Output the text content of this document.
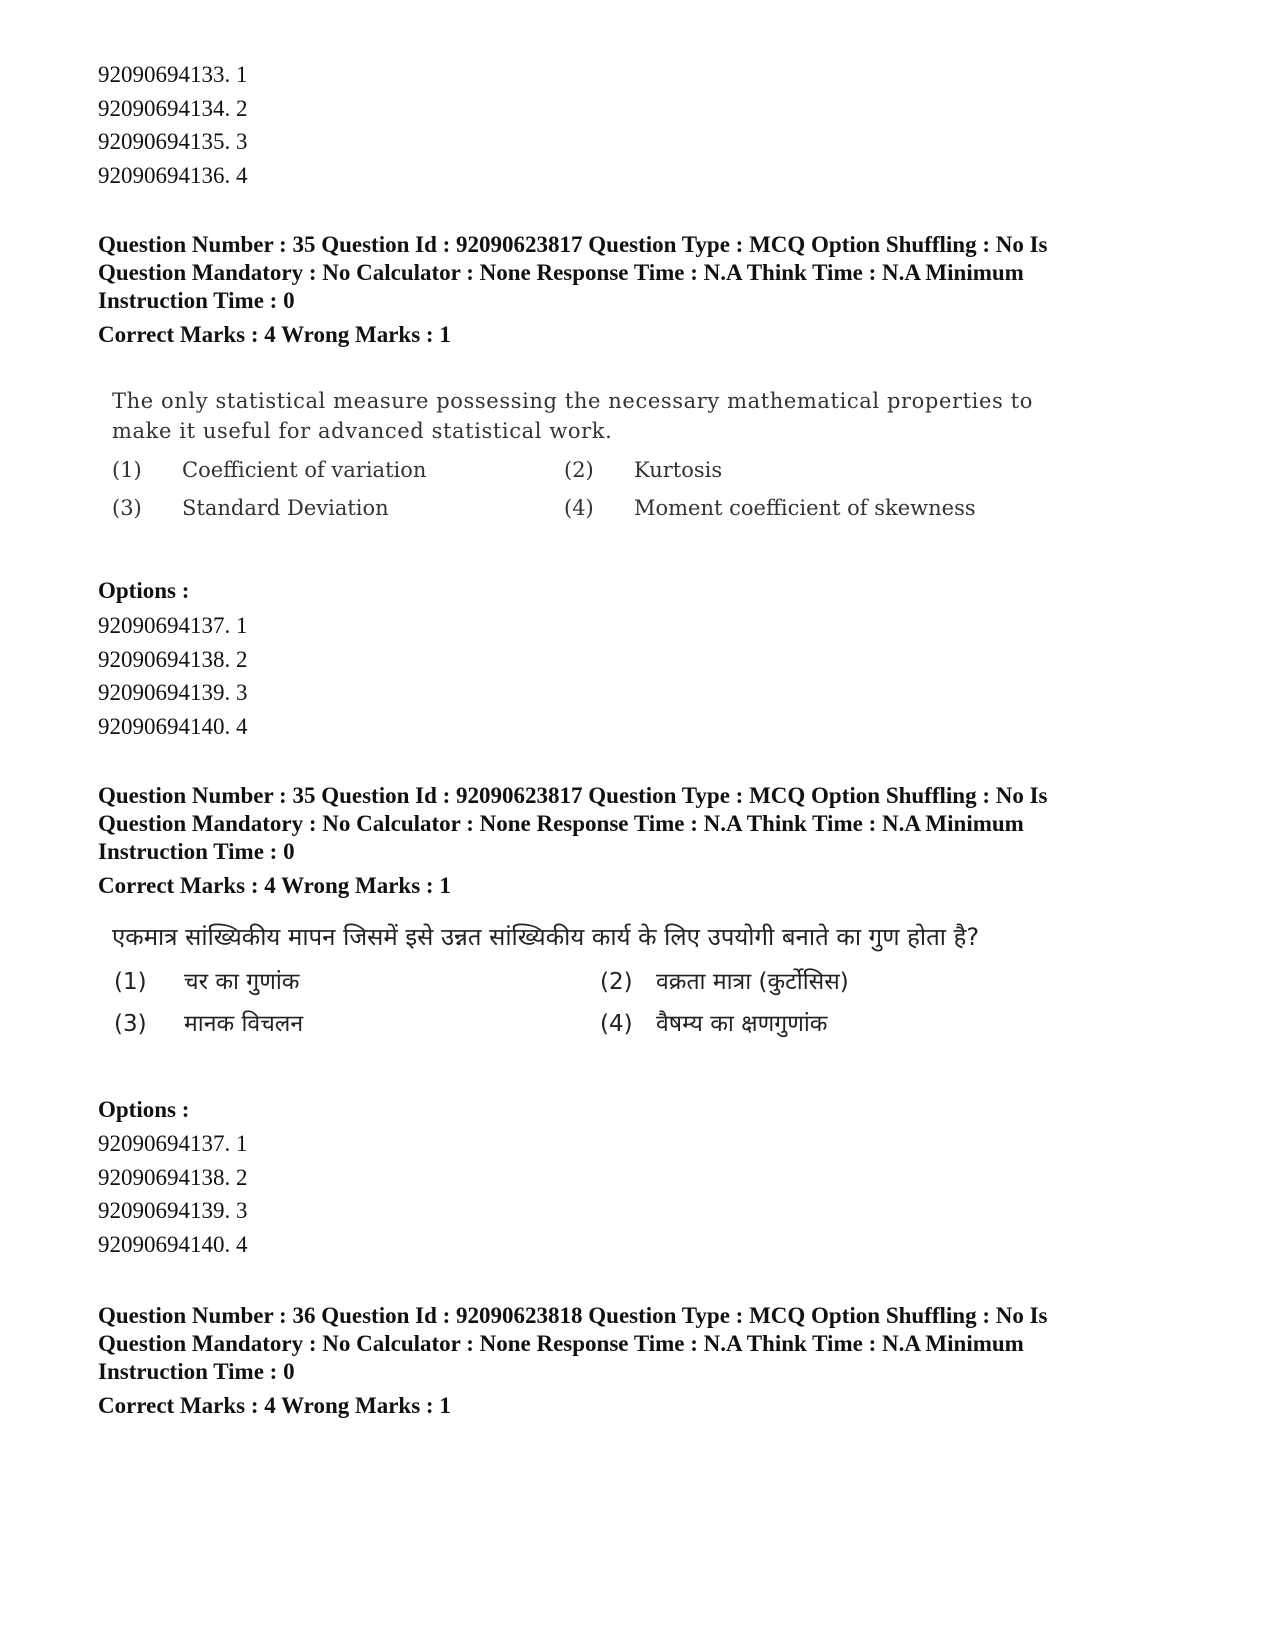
92090694133. 1
92090694134. 2
92090694135. 3
92090694136. 4
Question Number : 35 Question Id : 92090623817 Question Type : MCQ Option Shuffling : No Is
Question Mandatory : No Calculator : None Response Time : N.A Think Time : N.A Minimum
Instruction Time : 0
Correct Marks : 4 Wrong Marks : 1
The only statistical measure possessing the necessary mathematical properties to
make it useful for advanced statistical work.
(1) Coefficient of variation	(2) Kurtosis
(3) Standard Deviation	(4) Moment coefficient of skewness
Options :
92090694137. 1
92090694138. 2
92090694139. 3
92090694140. 4
Question Number : 35 Question Id : 92090623817 Question Type : MCQ Option Shuffling : No Is
Question Mandatory : No Calculator : None Response Time : N.A Think Time : N.A Minimum
Instruction Time : 0
Correct Marks : 4 Wrong Marks : 1
एकमात्र सांख्यिकीय मापन जिसमें इसे उन्नत सांख्यिकीय कार्य के लिए उपयोगी बनाते का गुण होता है?
(1) चर का गुणांक	(2) वक्रता मात्रा (कुर्टोसिस)
(3) मानक विचलन	(4) वैषम्य का क्षणगुणांक
Options :
92090694137. 1
92090694138. 2
92090694139. 3
92090694140. 4
Question Number : 36 Question Id : 92090623818 Question Type : MCQ Option Shuffling : No Is
Question Mandatory : No Calculator : None Response Time : N.A Think Time : N.A Minimum
Instruction Time : 0
Correct Marks : 4 Wrong Marks : 1
